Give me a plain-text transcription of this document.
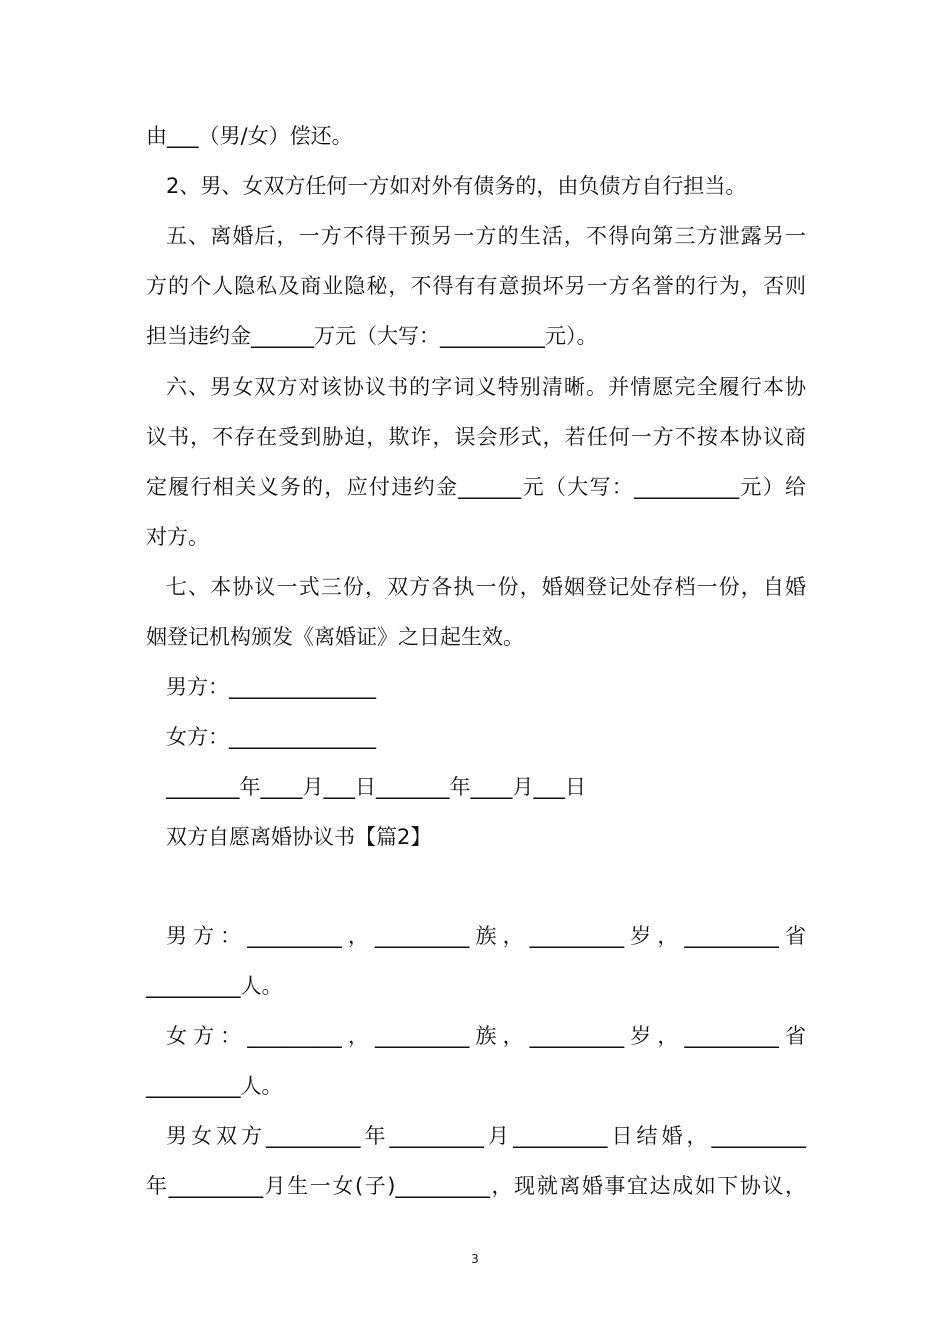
由___（男/女）偿还。
2、男、女双方任何一方如对外有债务的，由负债方自行担当。
五、离婚后，一方不得干预另一方的生活，不得向第三方泄露另一
方的个人隐私及商业隐秘，不得有有意损坏另一方名誉的行为，否则
担当违约金______万元（大写：__________元）。
六、男女双方对该协议书的字词义特别清晰。并情愿完全履行本协
议书，不存在受到胁迫，欺诈，误会形式，若任何一方不按本协议商
定履行相关义务的，应付违约金______元（大写：__________元）给
对方。
七、本协议一式三份，双方各执一份，婚姻登记处存档一份，自婚
姻登记机构颁发《离婚证》之日起生效。
男方：______________
女方：______________
_______年____月___日_______年____月___日
双方自愿离婚协议书【篇2】
男方：_________，_________族，_________岁，_________省
_________人。
女方：_________，_________族，_________岁，_________省
_________人。
男女双方_________年_________月_________日结婚，_________
年_________月生一女(子)_________，现就离婚事宜达成如下协议，
3
